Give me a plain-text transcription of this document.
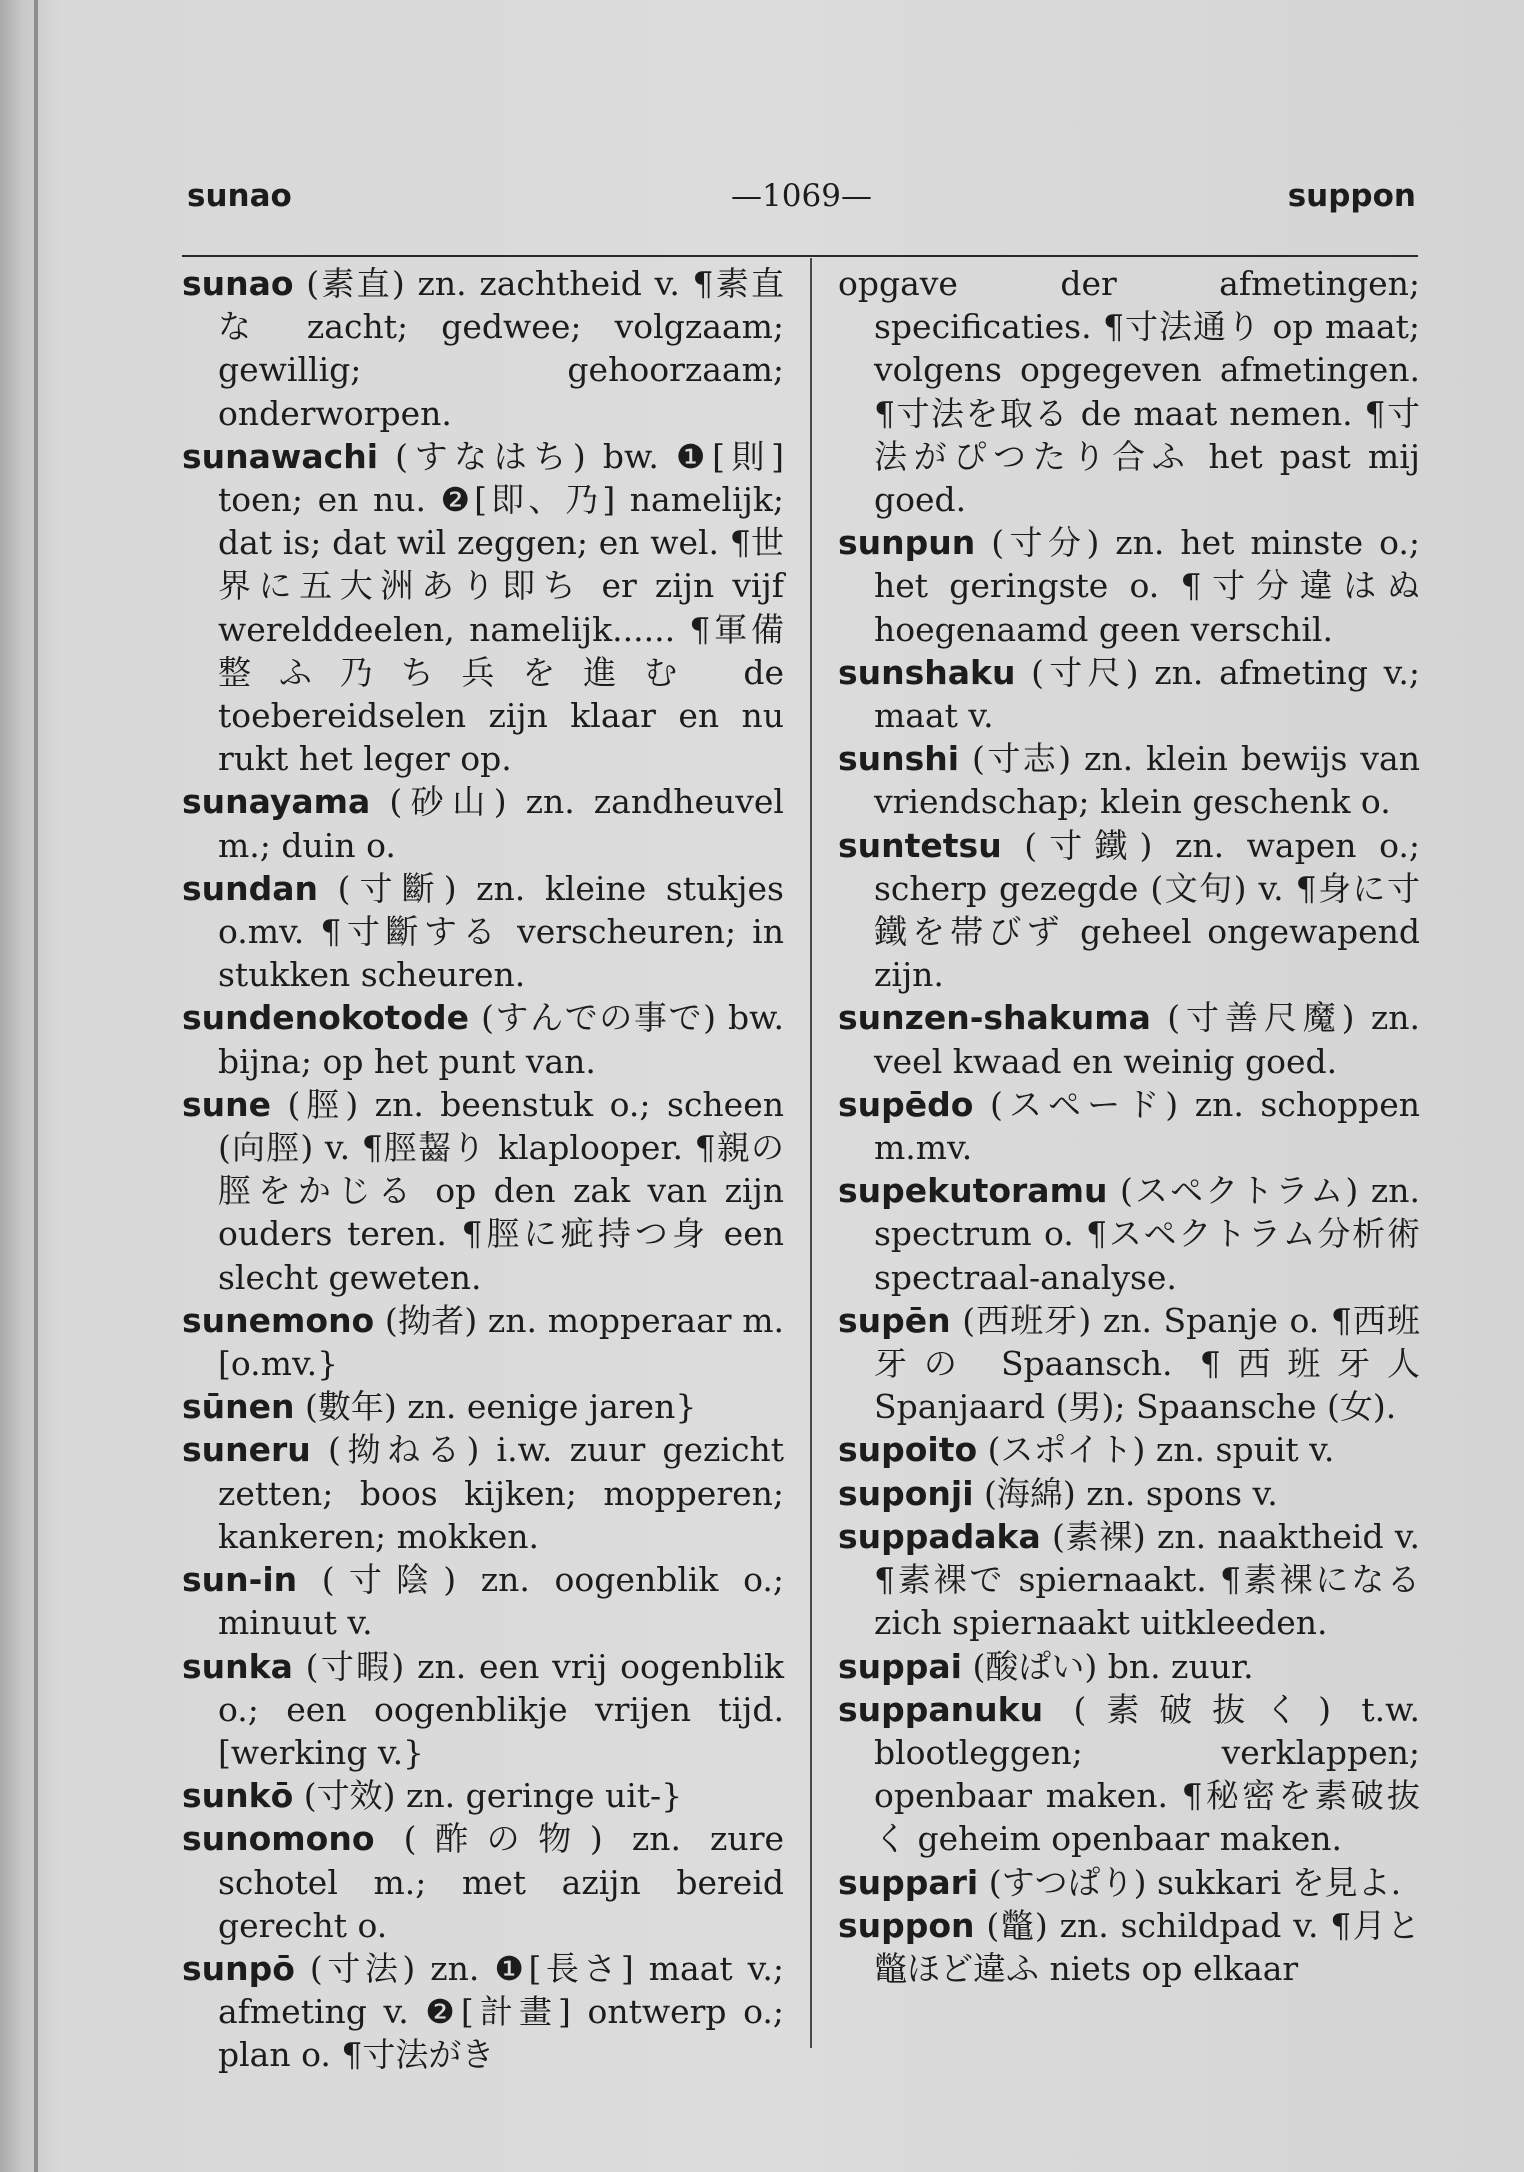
sunao	—1069—	suppon

sunao (素直) zn. zachtheid v. ¶素直な zacht; gedwee; volgzaam; gewillig; gehoorzaam; onderworpen.

sunawachi (すなはち) bw. ❶[則] toen; en nu. ❷[即、乃] namelijk; dat is; dat wil zeggen; en wel. ¶世界に五大洲あり即ち er zijn vijf werelddeelen, namelijk...... ¶軍備整ふ乃ち兵を進む de toebereidselen zijn klaar en nu rukt het leger op.

sunayama (砂山) zn. zandheuvel m.; duin o.

sundan (寸斷) zn. kleine stukjes o.mv. ¶寸斷する verscheuren; in stukken scheuren.

sundenokotode (すんでの事で) bw. bijna; op het punt van.

sune (脛) zn. beenstuk o.; scheen (向脛) v. ¶脛齧り klaplooper. ¶親の脛をかじる op den zak van zijn ouders teren. ¶脛に疵持つ身 een slecht geweten.

sunemono (拗者) zn. mopperaar m. [o.mv.}

sūnen (數年) zn. eenige jaren}

suneru (拗ねる) i.w. zuur gezicht zetten; boos kijken; mopperen; kankeren; mokken.

sun-in (寸陰) zn. oogenblik o.; minuut v.

sunka (寸暇) zn. een vrij oogenblik o.; een oogenblikje vrijen tijd. [werking v.}

sunkō (寸效) zn. geringe uit-}

sunomono (酢の物) zn. zure schotel m.; met azijn bereid gerecht o.

sunpō (寸法) zn. ❶[長さ] maat v.; afmeting v. ❷[計畫] ontwerp o.; plan o. ¶寸法がき

opgave der afmetingen; specificaties. ¶寸法通り op maat; volgens opgegeven afmetingen. ¶寸法を取る de maat nemen. ¶寸法がぴつたり合ふ het past mij goed.

sunpun (寸分) zn. het minste o.; het geringste o. ¶寸分違はぬ hoegenaamd geen verschil.

sunshaku (寸尺) zn. afmeting v.; maat v.

sunshi (寸志) zn. klein bewijs van vriendschap; klein geschenk o.

suntetsu (寸鐵) zn. wapen o.; scherp gezegde (文句) v. ¶身に寸鐵を帯びず geheel ongewapend zijn.

sunzen-shakuma (寸善尺魔) zn. veel kwaad en weinig goed.

supēdo (スペード) zn. schoppen m.mv.

supekutoramu (スペクトラム) zn. spectrum o. ¶スペクトラム分析術 spectraal-analyse.

supēn (西班牙) zn. Spanje o. ¶西班牙の Spaansch. ¶西班牙人 Spanjaard (男); Spaansche (女).

supoito (スポイト) zn. spuit v.

suponji (海綿) zn. spons v.

suppadaka (素裸) zn. naaktheid v. ¶素裸で spiernaakt. ¶素裸になる zich spiernaakt uitkleeden.

suppai (酸ぱい) bn. zuur.

suppanuku (素破抜く) t.w. blootleggen; verklappen; openbaar maken. ¶秘密を素破抜く geheim openbaar maken.

suppari (すつぱり) sukkari を見よ.

suppon (鼈) zn. schildpad v. ¶月と鼈ほど違ふ niets op elkaar
